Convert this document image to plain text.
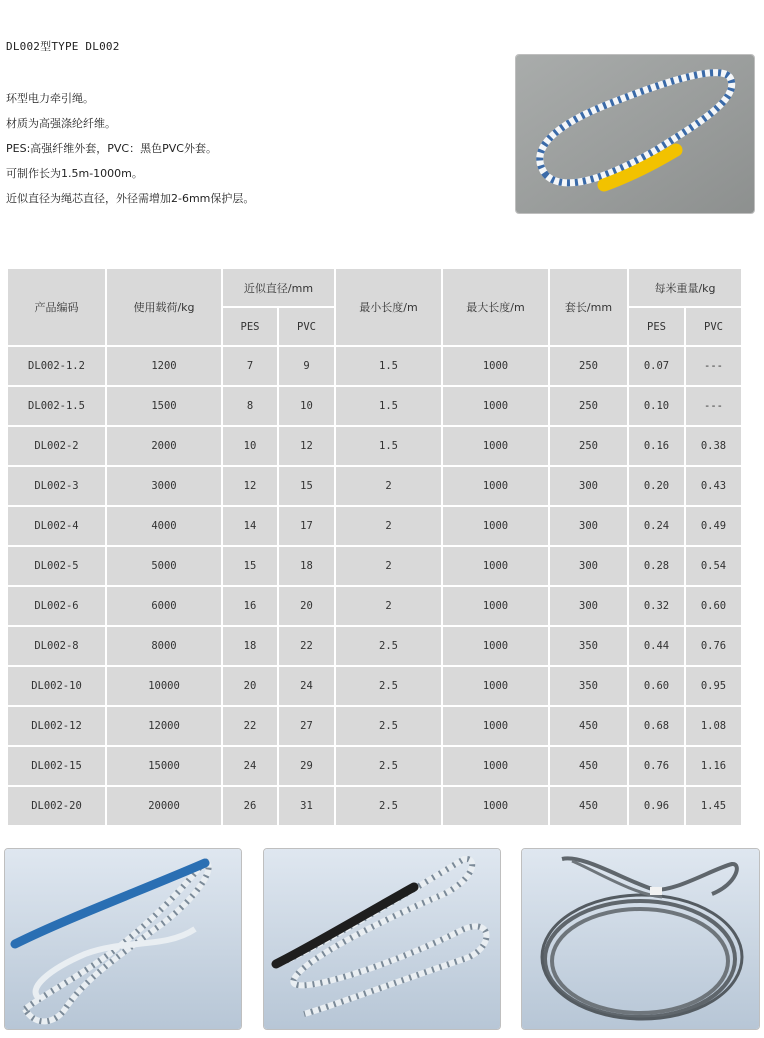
DL002型TYPE DL002
环型电力牵引绳。
材质为高强涤纶纤维。
PES:高强纤维外套，PVC：黑色PVC外套。
可制作长为1.5m-1000m。
近似直径为绳芯直径，外径需增加2-6mm保护层。
产品编码	使用载荷/kg	近似直径/mm		最小长度/m	最大长度/m	套长/mm	每米重量/kg	
		PES	PVC				PES	PVC
DL002-1.2	1200	7	9	1.5	1000	250	0.07	---
DL002-1.5	1500	8	10	1.5	1000	250	0.10	---
DL002-2	2000	10	12	1.5	1000	250	0.16	0.38
DL002-3	3000	12	15	2	1000	300	0.20	0.43
DL002-4	4000	14	17	2	1000	300	0.24	0.49
DL002-5	5000	15	18	2	1000	300	0.28	0.54
DL002-6	6000	16	20	2	1000	300	0.32	0.60
DL002-8	8000	18	22	2.5	1000	350	0.44	0.76
DL002-10	10000	20	24	2.5	1000	350	0.60	0.95
DL002-12	12000	22	27	2.5	1000	450	0.68	1.08
DL002-15	15000	24	29	2.5	1000	450	0.76	1.16
DL002-20	20000	26	31	2.5	1000	450	0.96	1.45
